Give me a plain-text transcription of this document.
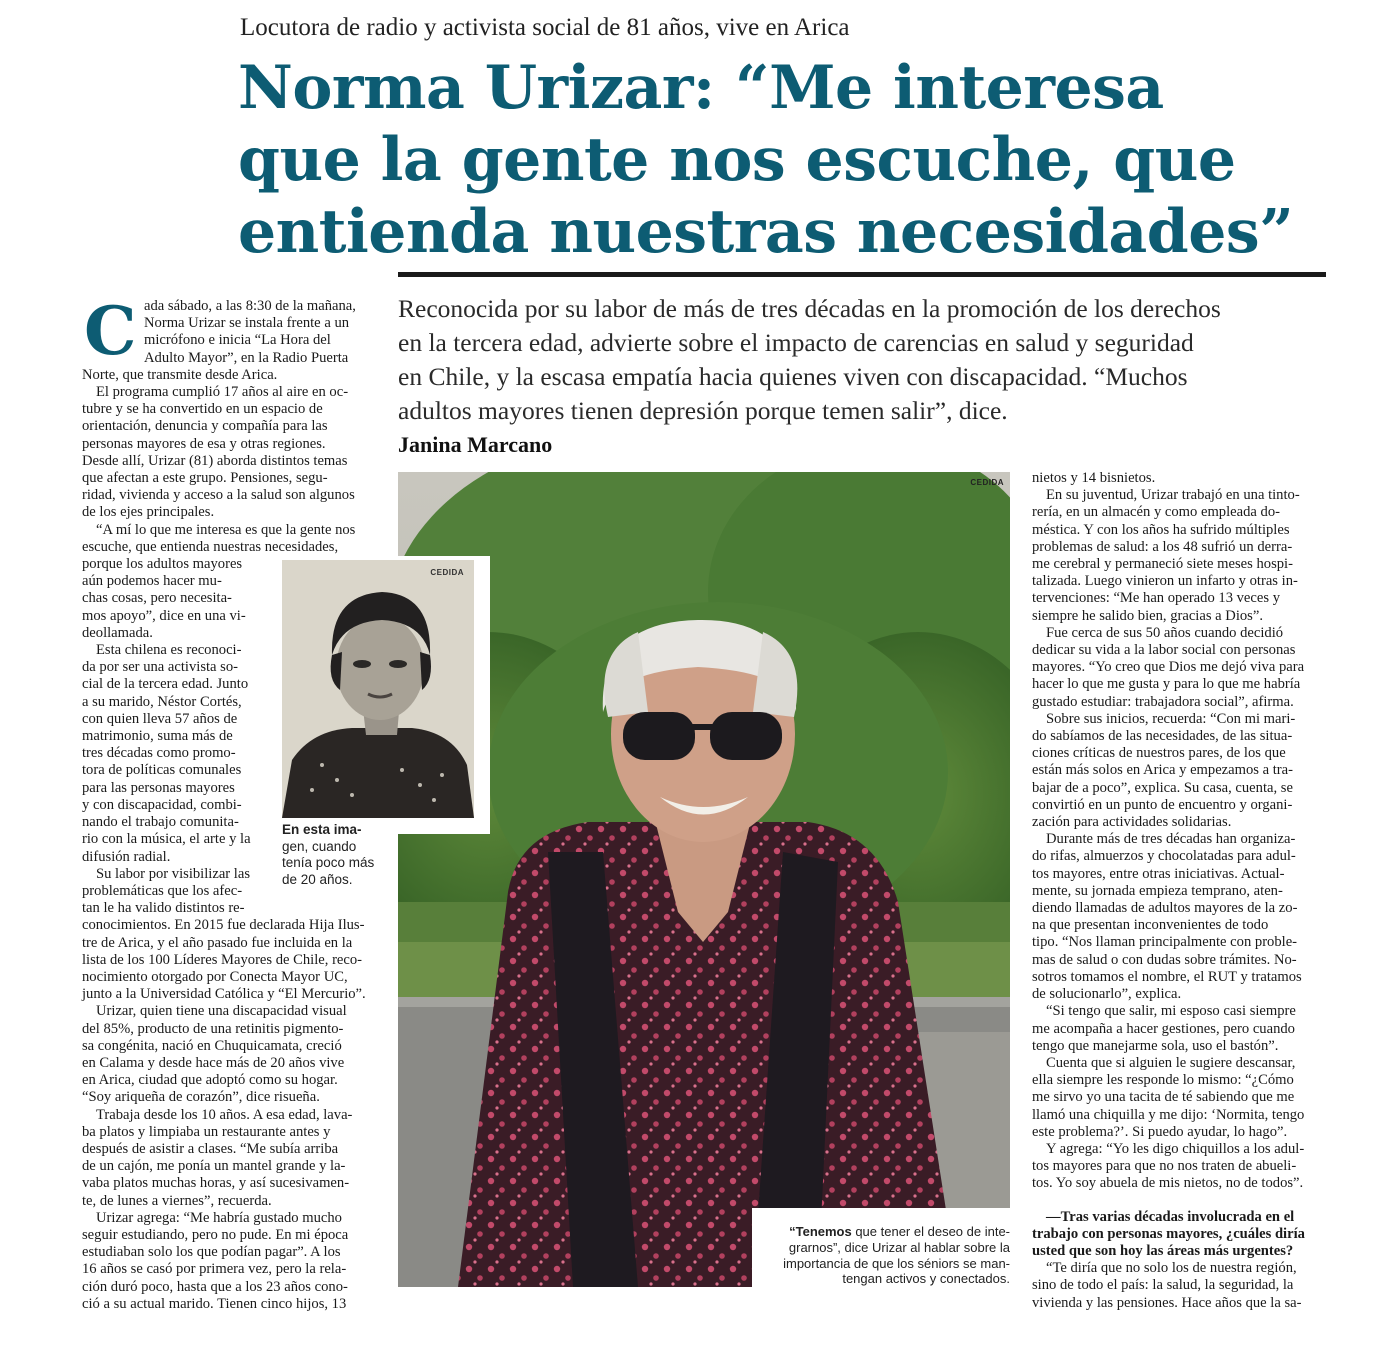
Locutora de radio y activista social de 81 años, vive en Arica
Norma Urizar: “Me interesa
que la gente nos escuche, que
entienda nuestras necesidades”

Reconocida por su labor de más de tres décadas en la promoción de los derechos
en la tercera edad, advierte sobre el impacto de carencias en salud y seguridad
en Chile, y la escasa empatía hacia quienes viven con discapacidad. “Muchos
adultos mayores tienen depresión porque temen salir”, dice.

Janina Marcano
C ada sábado, a las 8:30 de la mañana,
Norma Urizar se instala frente a un
micrófono e inicia “La Hora del
Adulto Mayor”, en la Radio Puerta
Norte, que transmite desde Arica.
El programa cumplió 17 años al aire en oc-
tubre y se ha convertido en un espacio de
orientación, denuncia y compañía para las
personas mayores de esa y otras regiones.
Desde allí, Urizar (81) aborda distintos temas
que afectan a este grupo. Pensiones, segu-
ridad, vivienda y acceso a la salud son algunos
de los ejes principales.
“A mí lo que me interesa es que la gente nos
escuche, que entienda nuestras necesidades,
porque los adultos mayores
aún podemos hacer mu-
chas cosas, pero necesita-
mos apoyo”, dice en una vi-
deollamada.
Esta chilena es reconoci-
da por ser una activista so-
cial de la tercera edad. Junto
a su marido, Néstor Cortés,
con quien lleva 57 años de
matrimonio, suma más de
tres décadas como promo-
tora de políticas comunales
para las personas mayores
y con discapacidad, combi-
nando el trabajo comunita-
rio con la música, el arte y la
difusión radial.
Su labor por visibilizar las
problemáticas que los afec-
tan le ha valido distintos re-
conocimientos. En 2015 fue declarada Hija Ilus-
tre de Arica, y el año pasado fue incluida en la
lista de los 100 Líderes Mayores de Chile, reco-
nocimiento otorgado por Conecta Mayor UC,
junto a la Universidad Católica y “El Mercurio”.
Urizar, quien tiene una discapacidad visual
del 85%, producto de una retinitis pigmento-
sa congénita, nació en Chuquicamata, creció
en Calama y desde hace más de 20 años vive
en Arica, ciudad que adoptó como su hogar.
“Soy ariqueña de corazón”, dice risueña.
Trabaja desde los 10 años. A esa edad, lava-
ba platos y limpiaba un restaurante antes y
después de asistir a clases. “Me subía arriba
de un cajón, me ponía un mantel grande y la-
vaba platos muchas horas, y así sucesivamen-
te, de lunes a viernes”, recuerda.
Urizar agrega: “Me habría gustado mucho
seguir estudiando, pero no pude. En mi época
estudiaban solo los que podían pagar”. A los
16 años se casó por primera vez, pero la rela-
ción duró poco, hasta que a los 23 años cono-
ció a su actual marido. Tienen cinco hijos, 13
CEDIDA
“Tenemos que tener el deseo de inte-
grarnos”, dice Urizar al hablar sobre la
importancia de que los séniors se man-
tengan activos y conectados.
CEDIDA
En esta ima-
gen, cuando
tenía poco más
de 20 años.
nietos y 14 bisnietos.
En su juventud, Urizar trabajó en una tinto-
rería, en un almacén y como empleada do-
méstica. Y con los años ha sufrido múltiples
problemas de salud: a los 48 sufrió un derra-
me cerebral y permaneció siete meses hospi-
talizada. Luego vinieron un infarto y otras in-
tervenciones: “Me han operado 13 veces y
siempre he salido bien, gracias a Dios”.
Fue cerca de sus 50 años cuando decidió
dedicar su vida a la labor social con personas
mayores. “Yo creo que Dios me dejó viva para
hacer lo que me gusta y para lo que me habría
gustado estudiar: trabajadora social”, afirma.
Sobre sus inicios, recuerda: “Con mi mari-
do sabíamos de las necesidades, de las situa-
ciones críticas de nuestros pares, de los que
están más solos en Arica y empezamos a tra-
bajar de a poco”, explica. Su casa, cuenta, se
convirtió en un punto de encuentro y organi-
zación para actividades solidarias.
Durante más de tres décadas han organiza-
do rifas, almuerzos y chocolatadas para adul-
tos mayores, entre otras iniciativas. Actual-
mente, su jornada empieza temprano, aten-
diendo llamadas de adultos mayores de la zo-
na que presentan inconvenientes de todo
tipo. “Nos llaman principalmente con proble-
mas de salud o con dudas sobre trámites. No-
sotros tomamos el nombre, el RUT y tratamos
de solucionarlo”, explica.
“Si tengo que salir, mi esposo casi siempre
me acompaña a hacer gestiones, pero cuando
tengo que manejarme sola, uso el bastón”.
Cuenta que si alguien le sugiere descansar,
ella siempre les responde lo mismo: “¿Cómo
me sirvo yo una tacita de té sabiendo que me
llamó una chiquilla y me dijo: ‘Normita, tengo
este problema?’. Si puedo ayudar, lo hago”.
Y agrega: “Yo les digo chiquillos a los adul-
tos mayores para que no nos traten de abueli-
tos. Yo soy abuela de mis nietos, no de todos”.
—Tras varias décadas involucrada en el
trabajo con personas mayores, ¿cuáles diría
usted que son hoy las áreas más urgentes?
“Te diría que no solo los de nuestra región,
sino de todo el país: la salud, la seguridad, la
vivienda y las pensiones. Hace años que la sa-
